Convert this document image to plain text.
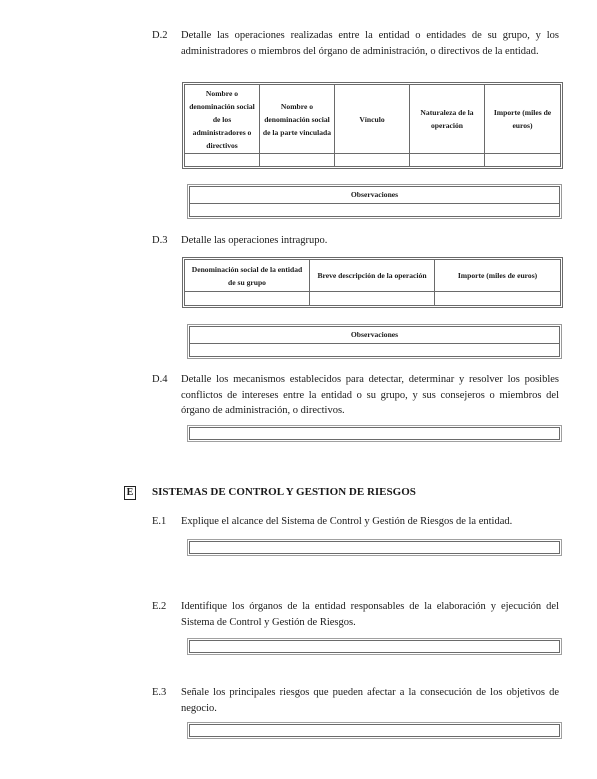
D.2 Detalle las operaciones realizadas entre la entidad o entidades de su grupo, y los administradores o miembros del órgano de administración, o directivos de la entidad.

Nombre o denominación social de los administradores o directivos	Nombre o denominación social de la parte vinculada	Vínculo	Naturaleza de la operación	Importe (miles de euros)

Observaciones
D.3 Detalle las operaciones intragrupo.

Denominación social de la entidad de su grupo	Breve descripción de la operación	Importe (miles de euros)

Observaciones
D.4 Detalle los mecanismos establecidos para detectar, determinar y resolver los posibles conflictos de intereses entre la entidad o su grupo, y sus consejeros o miembros del órgano de administración, o directivos.

E SISTEMAS DE CONTROL Y GESTION DE RIESGOS
E.1 Explique el alcance del Sistema de Control y Gestión de Riesgos de la entidad.

E.2 Identifique los órganos de la entidad responsables de la elaboración y ejecución del Sistema de Control y Gestión de Riesgos.

E.3 Señale los principales riesgos que pueden afectar a la consecución de los objetivos de negocio.
